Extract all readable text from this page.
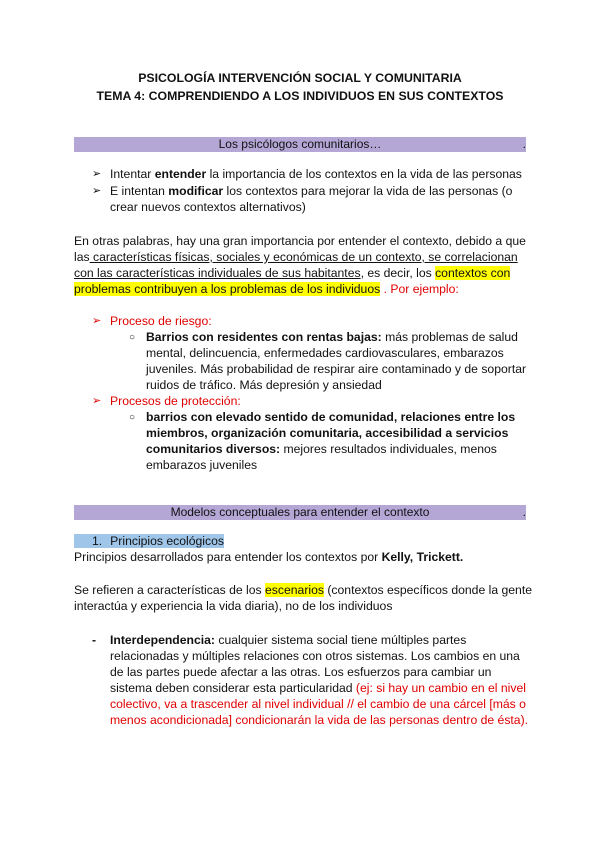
PSICOLOGÍA INTERVENCIÓN SOCIAL Y COMUNITARIA
TEMA 4: COMPRENDIENDO A LOS INDIVIDUOS EN SUS CONTEXTOS
Los psicólogos comunitarios…	.
➢ Intentar entender la importancia de los contextos en la vida de las personas
➢ E intentan modificar los contextos para mejorar la vida de las personas (o
crear nuevos contextos alternativos)
En otras palabras, hay una gran importancia por entender el contexto, debido a que
las características físicas, sociales y económicas de un contexto, se correlacionan
con las características individuales de sus habitantes, es decir, los contextos con
problemas contribuyen a los problemas de los individuos . Por ejemplo:
➢ Proceso de riesgo:
○ Barrios con residentes con rentas bajas: más problemas de salud
mental, delincuencia, enfermedades cardiovasculares, embarazos
juveniles. Más probabilidad de respirar aire contaminado y de soportar
ruidos de tráfico. Más depresión y ansiedad
➢ Procesos de protección:
○ barrios con elevado sentido de comunidad, relaciones entre los
miembros, organización comunitaria, accesibilidad a servicios
comunitarios diversos: mejores resultados individuales, menos
embarazos juveniles
Modelos conceptuales para entender el contexto	.
1. Principios ecológicos
Principios desarrollados para entender los contextos por Kelly, Trickett.
Se refieren a características de los escenarios (contextos específicos donde la gente
interactúa y experiencia la vida diaria), no de los individuos
- Interdependencia: cualquier sistema social tiene múltiples partes
relacionadas y múltiples relaciones con otros sistemas. Los cambios en una
de las partes puede afectar a las otras. Los esfuerzos para cambiar un
sistema deben considerar esta particularidad (ej: si hay un cambio en el nivel
colectivo, va a trascender al nivel individual // el cambio de una cárcel [más o
menos acondicionada] condicionarán la vida de las personas dentro de ésta).
